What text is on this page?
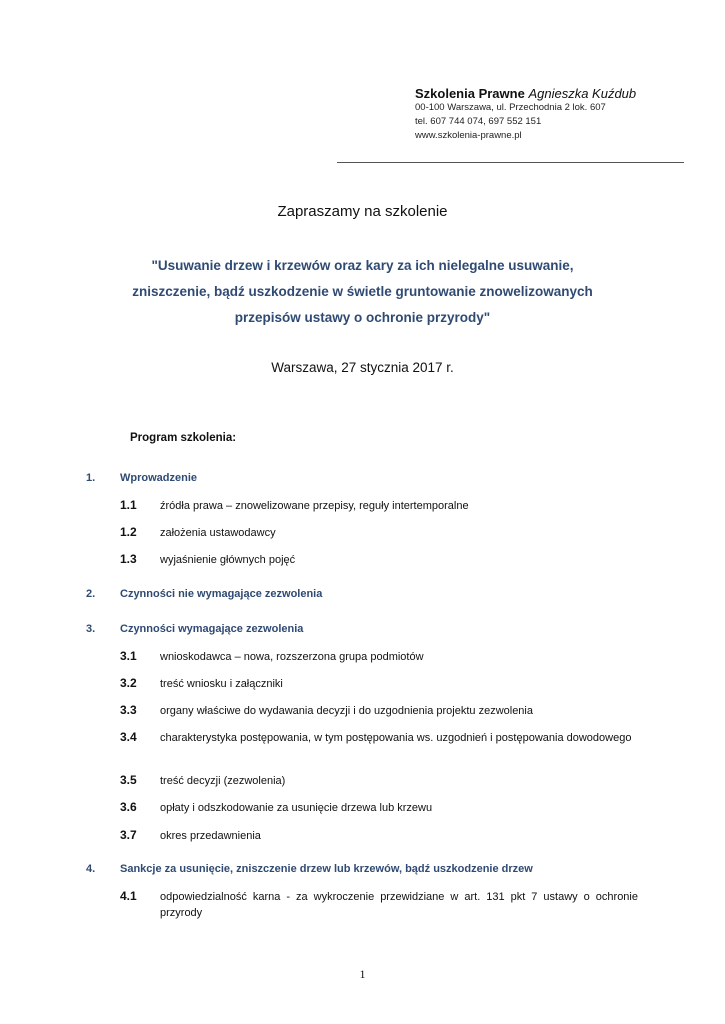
Szkolenia Prawne Agnieszka Kuźdub
00-100 Warszawa, ul. Przechodnia 2 lok. 607
tel. 607 744 074, 697 552 151
www.szkolenia-prawne.pl
Zapraszamy na szkolenie
"Usuwanie drzew i krzewów oraz kary za ich nielegalne usuwanie,
zniszczenie, bądź uszkodzenie w świetle gruntowanie znowelizowanych
przepisów ustawy o ochronie przyrody"
Warszawa, 27 stycznia 2017 r.
Program szkolenia:
1. Wprowadzenie
1.1 źródła prawa – znowelizowane przepisy, reguły intertemporalne
1.2 założenia ustawodawcy
1.3 wyjaśnienie głównych pojęć
2. Czynności nie wymagające zezwolenia
3. Czynności wymagające zezwolenia
3.1 wnioskodawca – nowa, rozszerzona grupa podmiotów
3.2 treść wniosku i załączniki
3.3 organy właściwe do wydawania decyzji i do uzgodnienia projektu zezwolenia
3.4 charakterystyka postępowania, w tym postępowania ws. uzgodnień i postępowania dowodowego
3.5 treść decyzji (zezwolenia)
3.6 opłaty i odszkodowanie za usunięcie drzewa lub krzewu
3.7 okres przedawnienia
4. Sankcje za usunięcie, zniszczenie drzew lub krzewów, bądź uszkodzenie drzew
4.1 odpowiedzialność karna - za wykroczenie przewidziane w art. 131 pkt 7 ustawy o ochronie przyrody
1
